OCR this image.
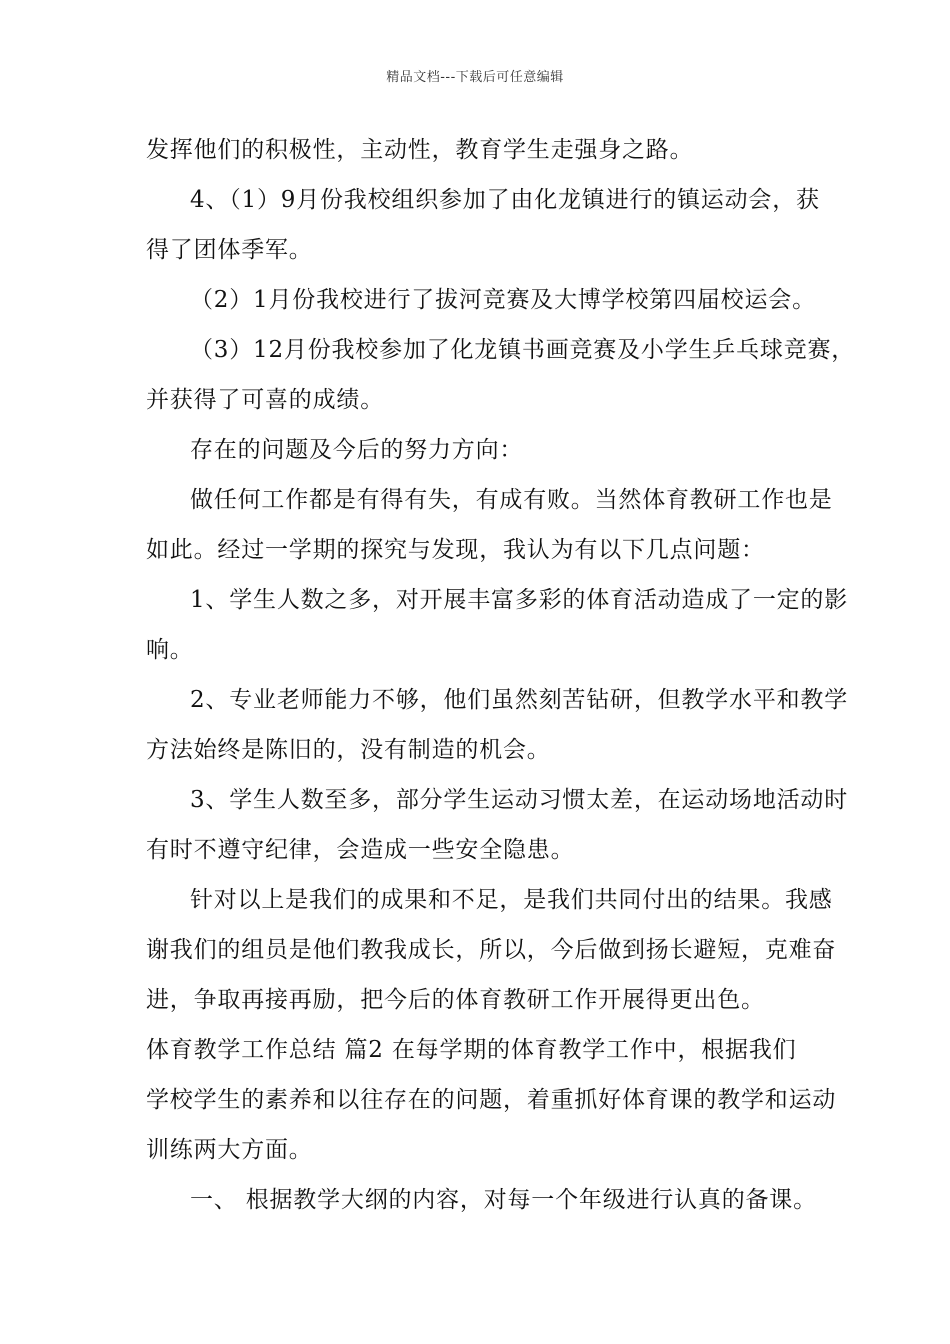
精品文档---下载后可任意编辑
发挥他们的积极性，主动性，教育学生走强身之路。
4、（1）9月份我校组织参加了由化龙镇进行的镇运动会，获
得了团体季军。
（2）1月份我校进行了拔河竞赛及大博学校第四届校运会。
（3）12月份我校参加了化龙镇书画竞赛及小学生乒乓球竞赛，
并获得了可喜的成绩。
存在的问题及今后的努力方向：
做任何工作都是有得有失，有成有败。当然体育教研工作也是
如此。经过一学期的探究与发现，我认为有以下几点问题：
1、学生人数之多，对开展丰富多彩的体育活动造成了一定的影
响。
2、专业老师能力不够，他们虽然刻苦钻研，但教学水平和教学
方法始终是陈旧的，没有制造的机会。
3、学生人数至多，部分学生运动习惯太差，在运动场地活动时
有时不遵守纪律，会造成一些安全隐患。
针对以上是我们的成果和不足，是我们共同付出的结果。我感
谢我们的组员是他们教我成长，所以，今后做到扬长避短，克难奋
进，争取再接再励，把今后的体育教研工作开展得更出色。
体育教学工作总结 篇2 在每学期的体育教学工作中，根据我们
学校学生的素养和以往存在的问题，着重抓好体育课的教学和运动
训练两大方面。
一、 根据教学大纲的内容，对每一个年级进行认真的备课。
